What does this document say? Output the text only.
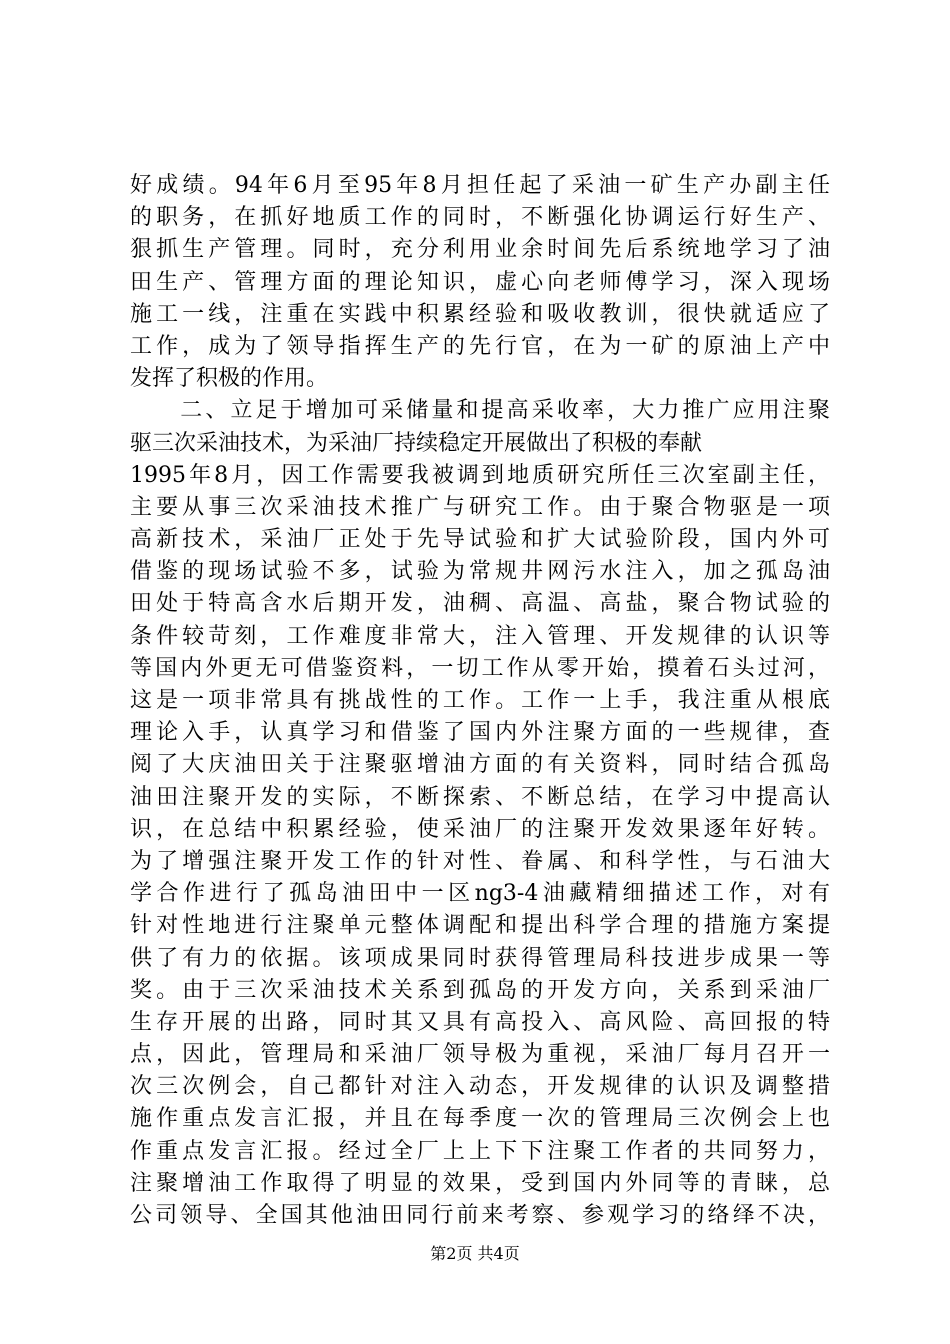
好成绩。94年6月至95年8月担任起了采油一矿生产办副主任
的职务，在抓好地质工作的同时，不断强化协调运行好生产、
狠抓生产管理。同时，充分利用业余时间先后系统地学习了油
田生产、管理方面的理论知识，虚心向老师傅学习，深入现场
施工一线，注重在实践中积累经验和吸收教训，很快就适应了
工作，成为了领导指挥生产的先行官，在为一矿的原油上产中
发挥了积极的作用。
　　二、立足于增加可采储量和提高采收率，大力推广应用注聚
驱三次采油技术，为采油厂持续稳定开展做出了积极的奉献
1995年8月，因工作需要我被调到地质研究所任三次室副主任，
主要从事三次采油技术推广与研究工作。由于聚合物驱是一项
高新技术，采油厂正处于先导试验和扩大试验阶段，国内外可
借鉴的现场试验不多，试验为常规井网污水注入，加之孤岛油
田处于特高含水后期开发，油稠、高温、高盐，聚合物试验的
条件较苛刻，工作难度非常大，注入管理、开发规律的认识等
等国内外更无可借鉴资料，一切工作从零开始，摸着石头过河，
这是一项非常具有挑战性的工作。工作一上手，我注重从根底
理论入手，认真学习和借鉴了国内外注聚方面的一些规律，查
阅了大庆油田关于注聚驱增油方面的有关资料，同时结合孤岛
油田注聚开发的实际，不断探索、不断总结，在学习中提高认
识，在总结中积累经验，使采油厂的注聚开发效果逐年好转。
为了增强注聚开发工作的针对性、眷属、和科学性，与石油大
学合作进行了孤岛油田中一区ng3-4油藏精细描述工作，对有
针对性地进行注聚单元整体调配和提出科学合理的措施方案提
供了有力的依据。该项成果同时获得管理局科技进步成果一等
奖。由于三次采油技术关系到孤岛的开发方向，关系到采油厂
生存开展的出路，同时其又具有高投入、高风险、高回报的特
点，因此，管理局和采油厂领导极为重视，采油厂每月召开一
次三次例会，自己都针对注入动态，开发规律的认识及调整措
施作重点发言汇报，并且在每季度一次的管理局三次例会上也
作重点发言汇报。经过全厂上上下下注聚工作者的共同努力，
注聚增油工作取得了明显的效果，受到国内外同等的青睐，总
公司领导、全国其他油田同行前来考察、参观学习的络绎不决，
第2页 共4页
